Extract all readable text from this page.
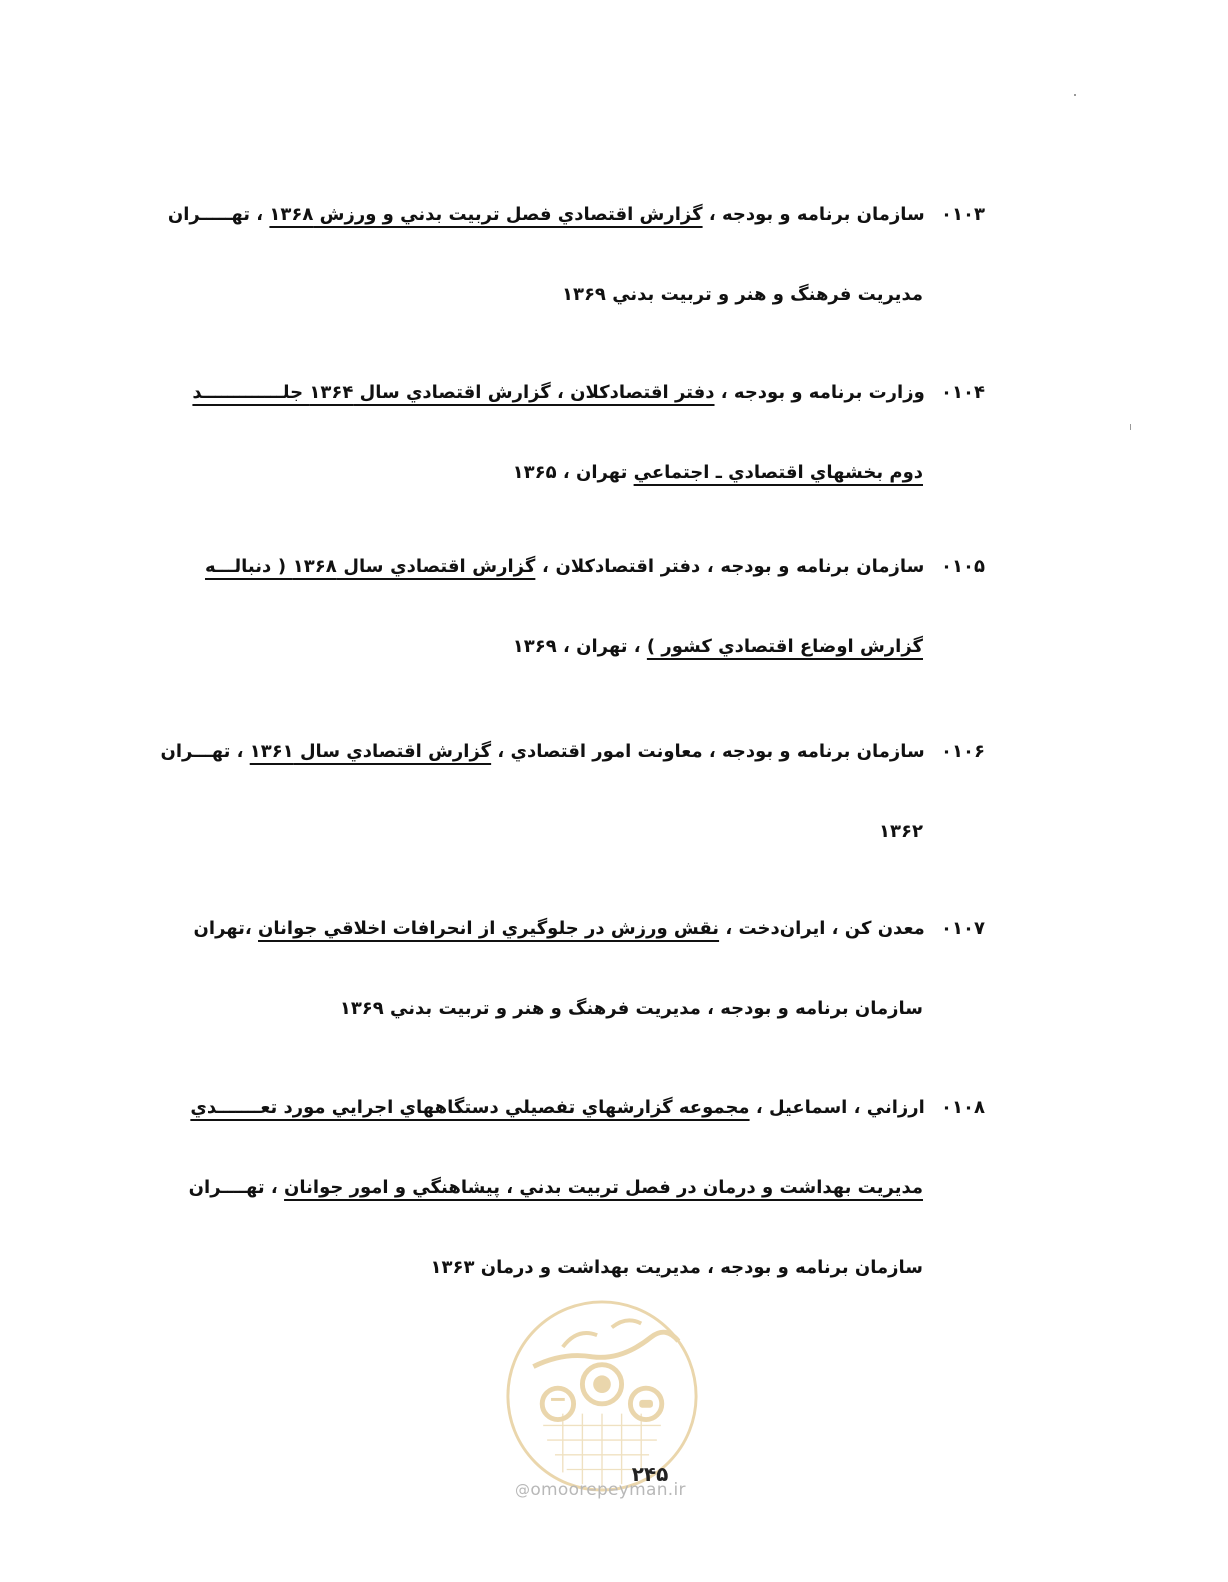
۰۱۰۳ سازمان برنامه و بودجه ، گزارش اقتصادي فصل تربيت بدني و ورزش ۱۳۶۸ ، تهـــــران
مديريت فرهنگ و هنر و تربيت بدني ۱۳۶۹
۰۱۰۴ وزارت برنامه و بودجه ، دفتر اقتصادكلان ، گزارش اقتصادي سال ۱۳۶۴ جلـــــــــــــد
دوم بخشهاي اقتصادي ـ اجتماعي تهران ، ۱۳۶۵
۰۱۰۵ سازمان برنامه و بودجه ، دفتر اقتصادكلان ، گزارش اقتصادي سال ۱۳۶۸ ( دنبالـــه
گزارش اوضاع اقتصادي كشور ) ، تهران ، ۱۳۶۹
۰۱۰۶ سازمان برنامه و بودجه ، معاونت امور اقتصادي ، گزارش اقتصادي سال ۱۳۶۱ ، تهـــران
۱۳۶۲
۰۱۰۷ معدن كن ، ايران‌دخت ، نقش ورزش در جلوگيري از انحرافات اخلاقي جوانان ،تهران
سازمان برنامه و بودجه ، مديريت فرهنگ و هنر و تربيت بدني ۱۳۶۹
۰۱۰۸ ارزاني ، اسماعيل ، مجموعه گزارشهاي تفصيلي دستگاههاي اجرايي مورد تعـــــــدي
مديريت بهداشت و درمان در فصل تربيت بدني ، پيشاهنگي و امور جوانان ، تهــــران
سازمان برنامه و بودجه ، مديريت بهداشت و درمان ۱۳۶۳
۲۴۵
@omoorepeyman.ir
